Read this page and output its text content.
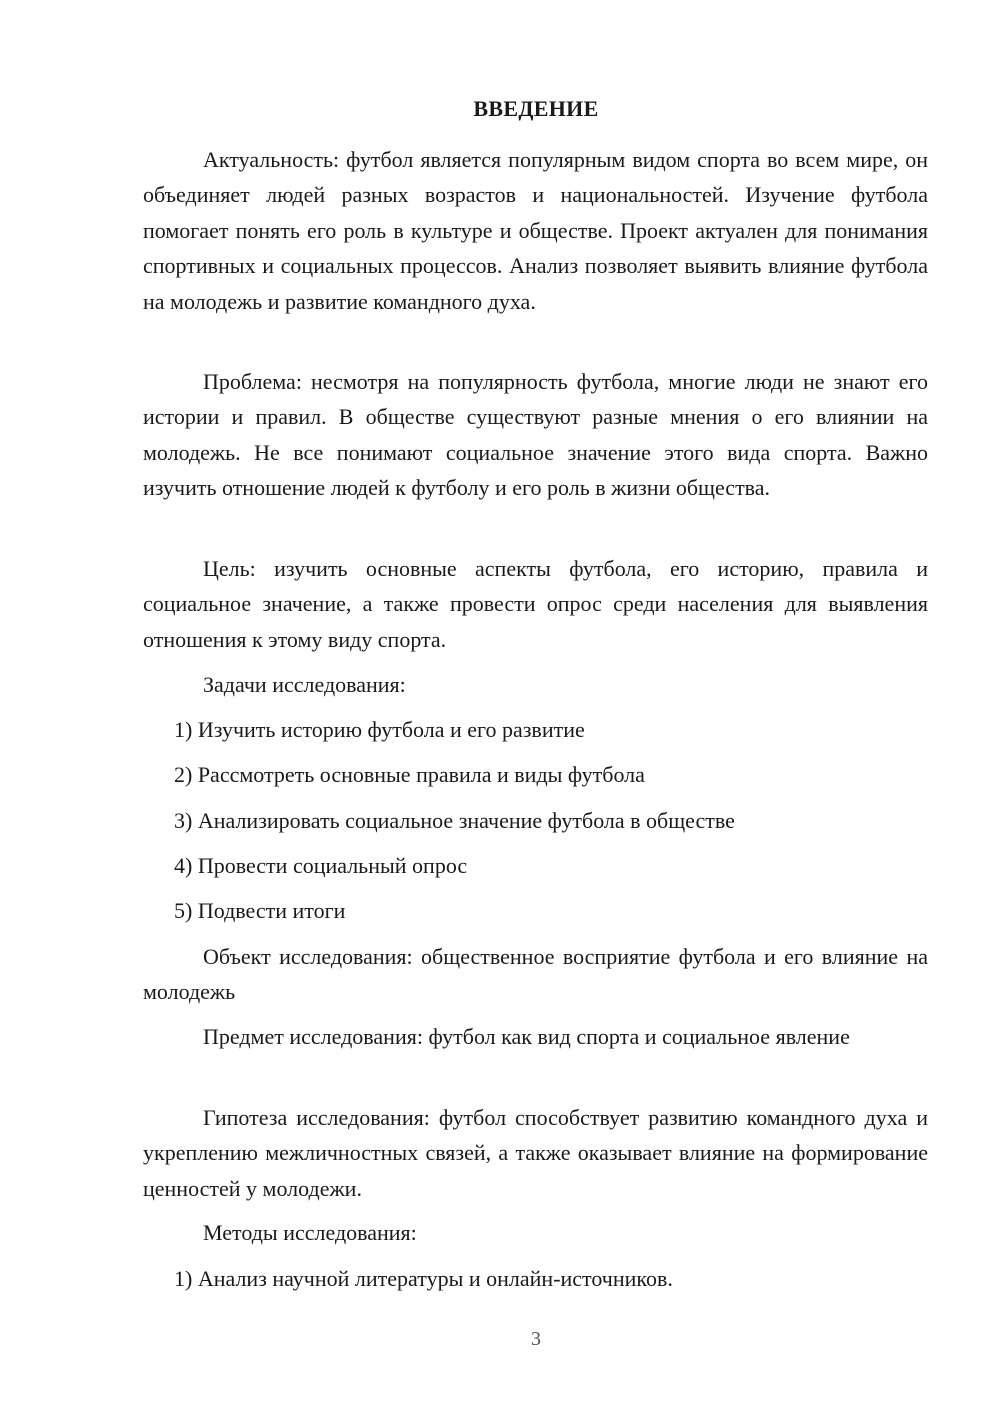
ВВЕДЕНИЕ

Актуальность: футбол является популярным видом спорта во всем мире, он объединяет людей разных возрастов и национальностей. Изучение футбола помогает понять его роль в культуре и обществе. Проект актуален для понимания спортивных и социальных процессов. Анализ позволяет выявить влияние футбола на молодежь и развитие командного духа.

Проблема: несмотря на популярность футбола, многие люди не знают его истории и правил. В обществе существуют разные мнения о его влиянии на молодежь. Не все понимают социальное значение этого вида спорта. Важно изучить отношение людей к футболу и его роль в жизни общества.

Цель: изучить основные аспекты футбола, его историю, правила и социальное значение, а также провести опрос среди населения для выявления отношения к этому виду спорта.

Задачи исследования:

1) Изучить историю футбола и его развитие

2) Рассмотреть основные правила и виды футбола

3) Анализировать социальное значение футбола в обществе

4) Провести социальный опрос

5) Подвести итоги

Объект исследования: общественное восприятие футбола и его влияние на молодежь

Предмет исследования: футбол как вид спорта и социальное явление

Гипотеза исследования: футбол способствует развитию командного духа и укреплению межличностных связей, а также оказывает влияние на формирование ценностей у молодежи.

Методы исследования:

1) Анализ научной литературы и онлайн-источников.

3
